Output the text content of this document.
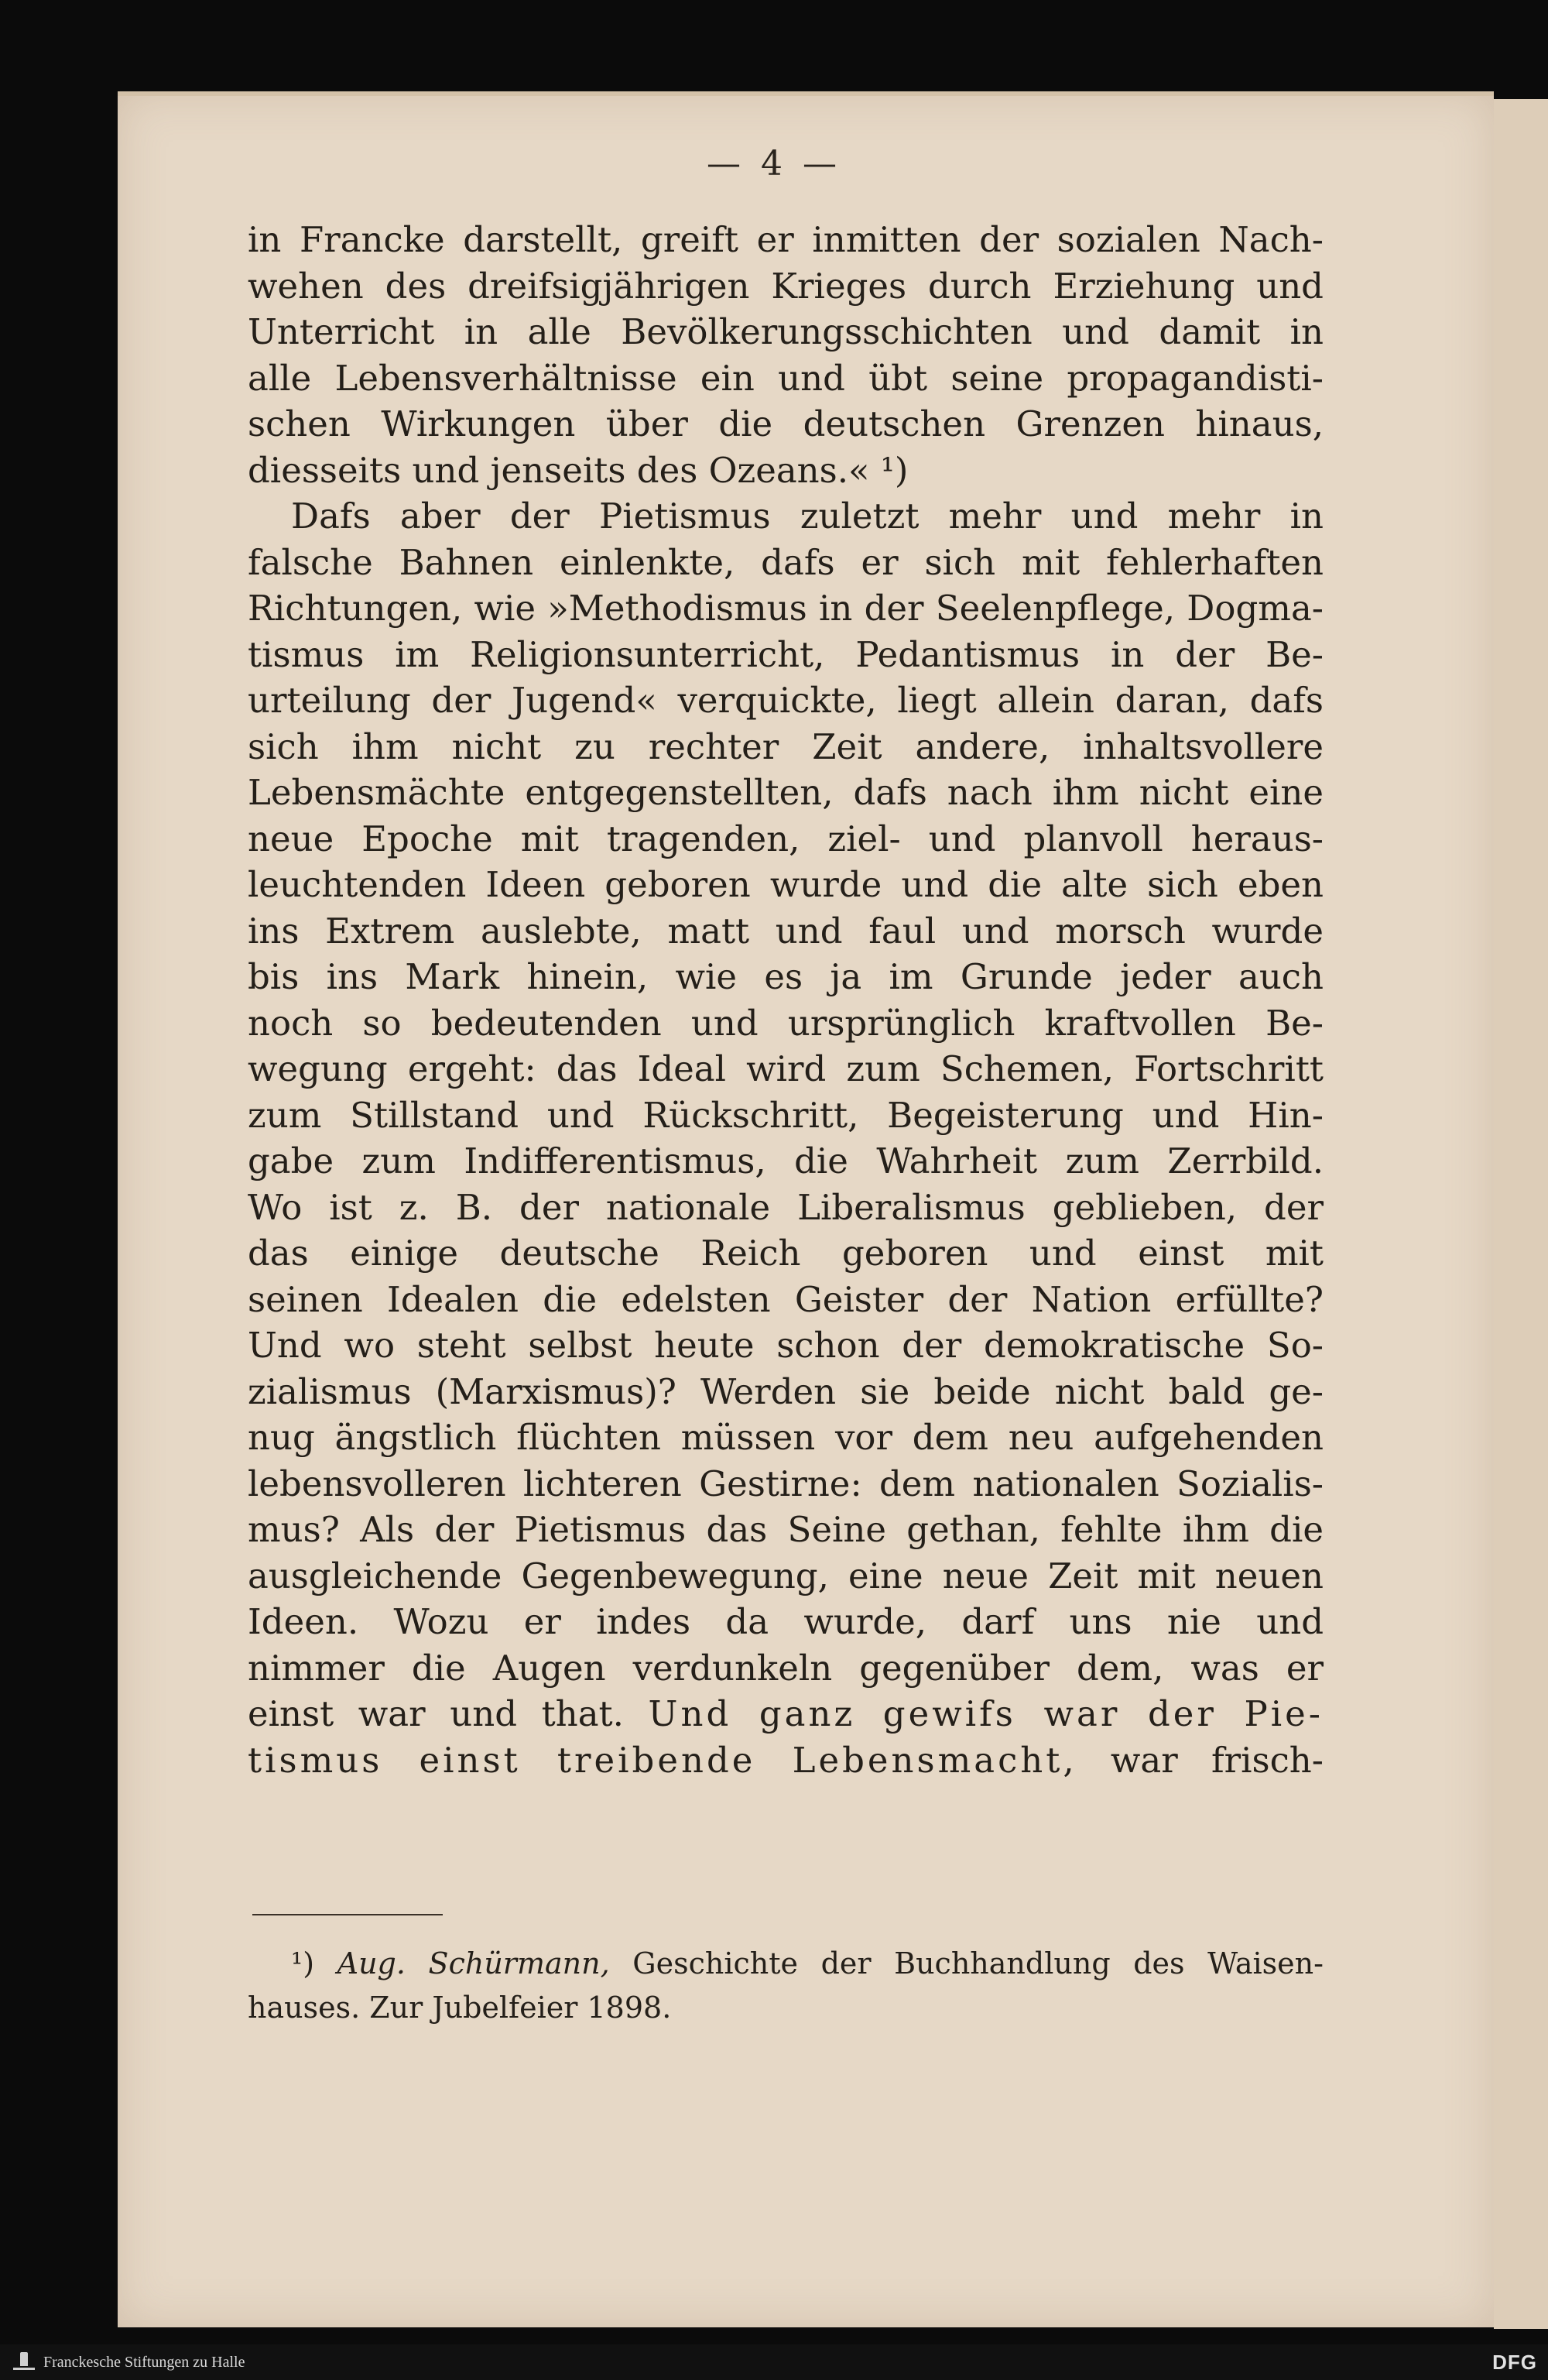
— 4 —
in Francke darstellt, greift er inmitten der sozialen Nach-
wehen des dreifsigjährigen Krieges durch Erziehung und
Unterricht in alle Bevölkerungsschichten und damit in
alle Lebensverhältnisse ein und übt seine propagandisti-
schen Wirkungen über die deutschen Grenzen hinaus,
diesseits und jenseits des Ozeans.« ¹)
Dafs aber der Pietismus zuletzt mehr und mehr in
falsche Bahnen einlenkte, dafs er sich mit fehlerhaften
Richtungen, wie »Methodismus in der Seelenpflege, Dogma-
tismus im Religionsunterricht, Pedantismus in der Be-
urteilung der Jugend« verquickte, liegt allein daran, dafs
sich ihm nicht zu rechter Zeit andere, inhaltsvollere
Lebensmächte entgegenstellten, dafs nach ihm nicht eine
neue Epoche mit tragenden, ziel- und planvoll heraus-
leuchtenden Ideen geboren wurde und die alte sich eben
ins Extrem auslebte, matt und faul und morsch wurde
bis ins Mark hinein, wie es ja im Grunde jeder auch
noch so bedeutenden und ursprünglich kraftvollen Be-
wegung ergeht: das Ideal wird zum Schemen, Fortschritt
zum Stillstand und Rückschritt, Begeisterung und Hin-
gabe zum Indifferentismus, die Wahrheit zum Zerrbild.
Wo ist z. B. der nationale Liberalismus geblieben, der
das einige deutsche Reich geboren und einst mit
seinen Idealen die edelsten Geister der Nation erfüllte?
Und wo steht selbst heute schon der demokratische So-
zialismus (Marxismus)? Werden sie beide nicht bald ge-
nug ängstlich flüchten müssen vor dem neu aufgehenden
lebensvolleren lichteren Gestirne: dem nationalen Sozialis-
mus? Als der Pietismus das Seine gethan, fehlte ihm die
ausgleichende Gegenbewegung, eine neue Zeit mit neuen
Ideen. Wozu er indes da wurde, darf uns nie und
nimmer die Augen verdunkeln gegenüber dem, was er
einst war und that. Und ganz gewifs war der Pie-
tismus einst treibende Lebensmacht, war frisch-
¹) Aug. Schürmann, Geschichte der Buchhandlung des Waisen-
hauses. Zur Jubelfeier 1898.
Franckesche Stiftungen zu Halle	DFG
